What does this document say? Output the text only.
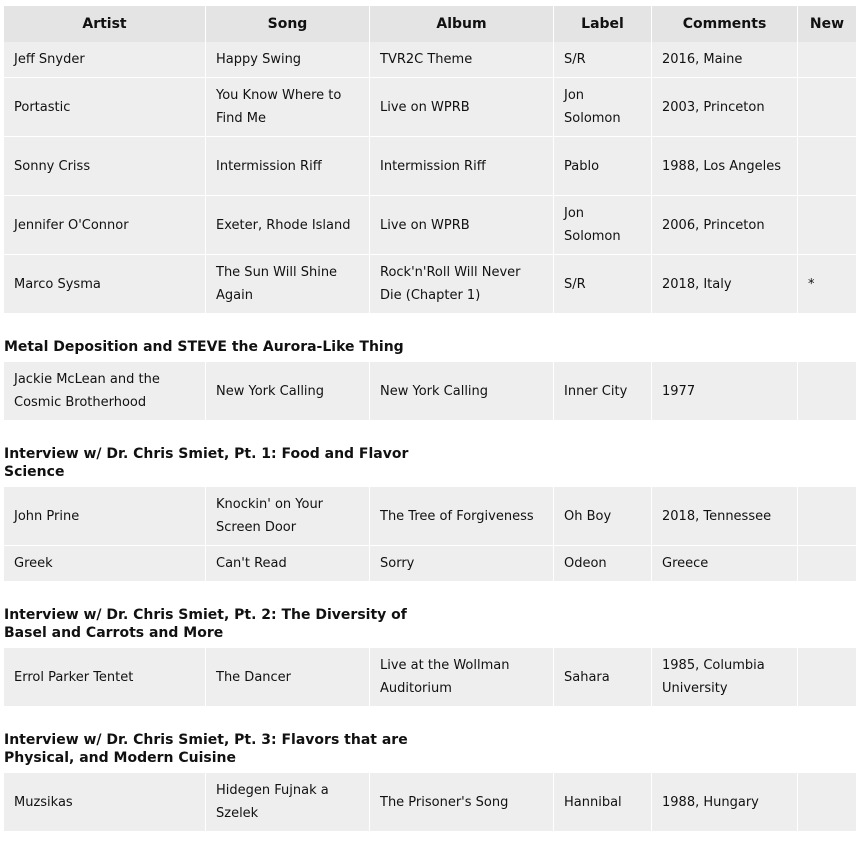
Artist	Song	Album	Label	Comments	New
Jeff Snyder	Happy Swing	TVR2C Theme	S/R	2016, Maine	
Portastic	You Know Where to Find Me	Live on WPRB	Jon Solomon	2003, Princeton	
Sonny Criss	Intermission Riff	Intermission Riff	Pablo	1988, Los Angeles	
Jennifer O'Connor	Exeter, Rhode Island	Live on WPRB	Jon Solomon	2006, Princeton	
Marco Sysma	The Sun Will Shine Again	Rock'n'Roll Will Never Die (Chapter 1)	S/R	2018, Italy	*
Metal Deposition and STEVE the Aurora-Like Thing
Jackie McLean and the Cosmic Brotherhood	New York Calling	New York Calling	Inner City	1977	
Interview w/ Dr. Chris Smiet, Pt. 1: Food and Flavor Science
John Prine	Knockin' on Your Screen Door	The Tree of Forgiveness	Oh Boy	2018, Tennessee	
Greek	Can't Read	Sorry	Odeon	Greece	
Interview w/ Dr. Chris Smiet, Pt. 2: The Diversity of Basel and Carrots and More
Errol Parker Tentet	The Dancer	Live at the Wollman Auditorium	Sahara	1985, Columbia University	
Interview w/ Dr. Chris Smiet, Pt. 3: Flavors that are Physical, and Modern Cuisine
Muzsikas	Hidegen Fujnak a Szelek	The Prisoner's Song	Hannibal	1988, Hungary	
